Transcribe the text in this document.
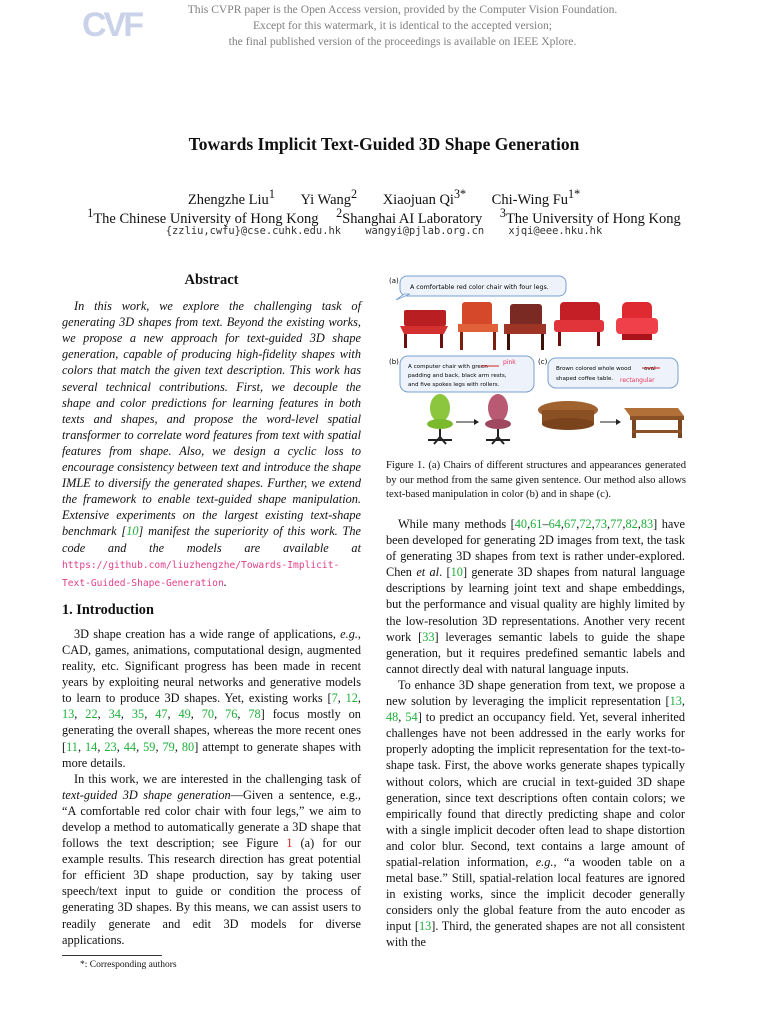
CVF	This CVPR paper is the Open Access version, provided by the Computer Vision Foundation.
Except for this watermark, it is identical to the accepted version;
the final published version of the proceedings is available on IEEE Xplore.
Towards Implicit Text-Guided 3D Shape Generation
Zhengzhe Liu$^1$ Yi Wang$^2$ Xiaojuan $Qi^{3*}$ Chi-Wing $Fu^{1*}$
$^1$The Chinese University of Hong Kong $^2$Shanghai AI Laboratory $^3$The University of Hong Kong
{zzliu,cwfu}@cse.cuhk.edu.hk wangyi@pjlab.org.cn xjqi@eee.hku.hk
Abstract

In this work, we explore the challenging task of generating 3D shapes from text. Beyond the existing works, we propose a new approach for text-guided 3D shape generation, capable of producing high-fidelity shapes with colors that match the given text description. This work has several technical contributions. First, we decouple the shape and color predictions for learning features in both texts and shapes, and propose the word-level spatial transformer to correlate word features from text with spatial features from shape. Also, we design a cyclic loss to encourage consistency between text and introduce the shape IMLE to diversify the generated shapes. Further, we extend the framework to enable text-guided shape manipulation. Extensive experiments on the largest existing text-shape benchmark [10] manifest the superiority of this work. The code and the models are available at https://github.com/liuzhengzhe/Towards-Implicit-Text-Guided-Shape-Generation.

1. Introduction

3D shape creation has a wide range of applications, e.g., CAD, games, animations, computational design, augmented reality, etc. Significant progress has been made in recent years by exploiting neural networks and generative models to learn to produce 3D shapes. Yet, existing works [7, 12, 13, 22, 34, 35, 47, 49, 70, 76, 78] focus mostly on generating the overall shapes, whereas the more recent ones [11, 14, 23, 44, 59, 79, 80] attempt to generate shapes with more details.

In this work, we are interested in the challenging task of text-guided 3D shape generation—Given a sentence, e.g., “A comfortable red color chair with four legs,” we aim to develop a method to automatically generate a 3D shape that follows the text description; see Figure 1 (a) for our example results. This research direction has great potential for efficient 3D shape production, say by taking user speech/text input to guide or condition the process of generating 3D shapes. By this means, we can assist users to readily generate and edit 3D models for diverse applications.

*: Corresponding authors
(a)
A comfortable red color chair with four legs.
(b)
A computer chair with green
pink
padding and back, black arm rests,
and five spokes legs with rollers.
(c)
Brown colored whole wood oval
shaped coffee table. rectangular
Figure 1. (a) Chairs of different structures and appearances generated by our method from the same given sentence. Our method also allows text-based manipulation in color (b) and in shape (c).

While many methods [40,61–64,67,72,73,77,82,83] have been developed for generating 2D images from text, the task of generating 3D shapes from text is rather under-explored. Chen et al. [10] generate 3D shapes from natural language descriptions by learning joint text and shape embeddings, but the performance and visual quality are highly limited by the low-resolution 3D representations. Another very recent work [33] leverages semantic labels to guide the shape generation, but it requires predefined semantic labels and cannot directly deal with natural language inputs.

To enhance 3D shape generation from text, we propose a new solution by leveraging the implicit representation [13, 48, 54] to predict an occupancy field. Yet, several inherited challenges have not been addressed in the early works for properly adopting the implicit representation for the text-to-shape task. First, the above works generate shapes typically without colors, which are crucial in text-guided 3D shape generation, since text descriptions often contain colors; we empirically found that directly predicting shape and color with a single implicit decoder often lead to shape distortion and color blur. Second, text contains a large amount of spatial-relation information, e.g., “a wooden table on a metal base.” Still, spatial-relation local features are ignored in existing works, since the implicit decoder generally considers only the global feature from the auto encoder as input [13]. Third, the generated shapes are not all consistent with the
